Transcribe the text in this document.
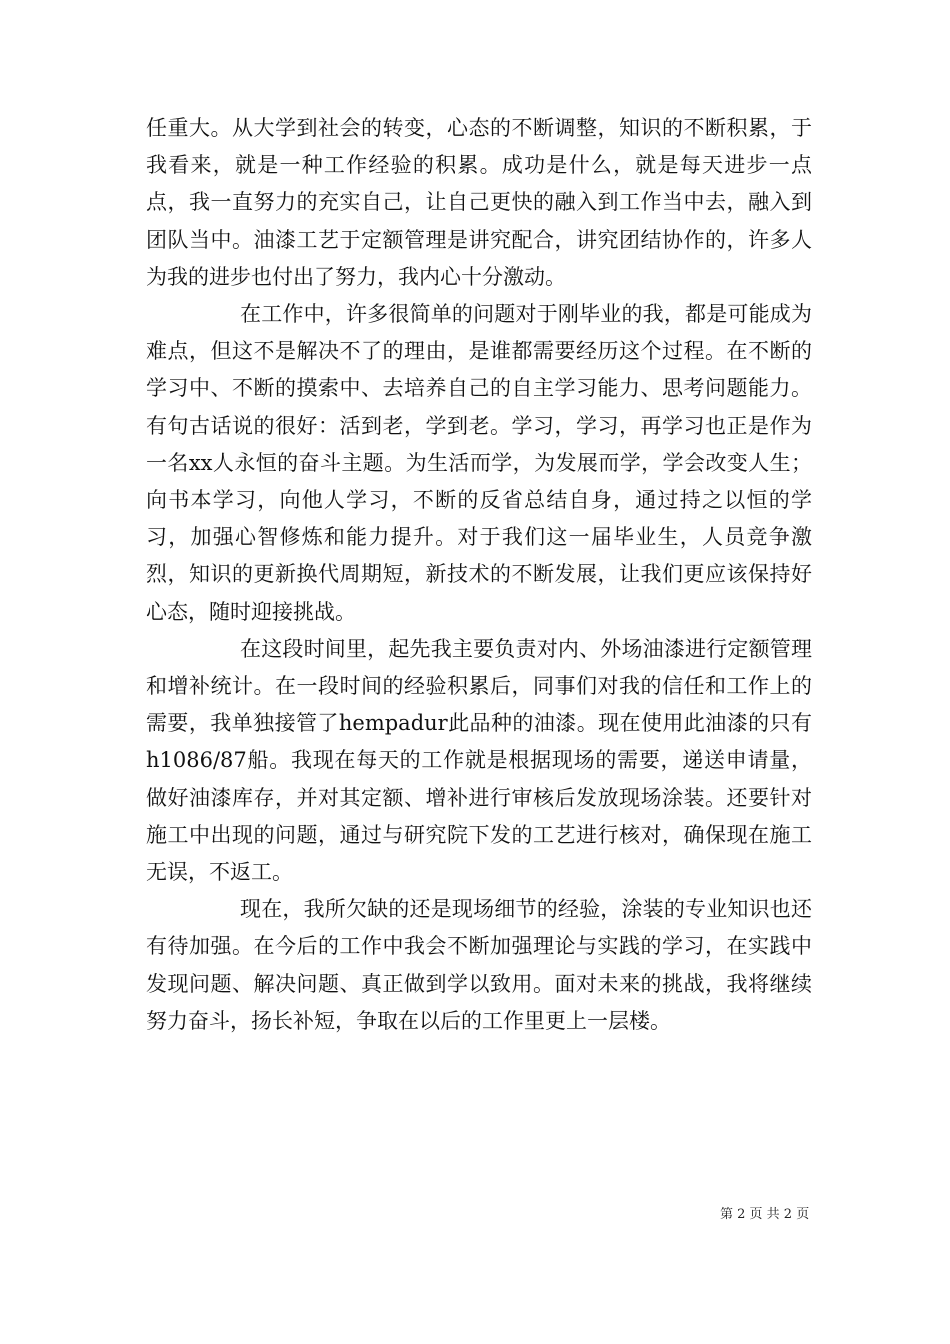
任重大。从大学到社会的转变，心态的不断调整，知识的不断积累，于我看来，就是一种工作经验的积累。成功是什么，就是每天进步一点点，我一直努力的充实自己，让自己更快的融入到工作当中去，融入到团队当中。油漆工艺于定额管理是讲究配合，讲究团结协作的，许多人为我的进步也付出了努力，我内心十分激动。

在工作中，许多很简单的问题对于刚毕业的我，都是可能成为难点，但这不是解决不了的理由，是谁都需要经历这个过程。在不断的学习中、不断的摸索中、去培养自己的自主学习能力、思考问题能力。有句古话说的很好：活到老，学到老。学习，学习，再学习也正是作为一名xx人永恒的奋斗主题。为生活而学，为发展而学，学会改变人生；向书本学习，向他人学习，不断的反省总结自身，通过持之以恒的学习，加强心智修炼和能力提升。对于我们这一届毕业生，人员竞争激烈，知识的更新换代周期短，新技术的不断发展，让我们更应该保持好心态，随时迎接挑战。

在这段时间里，起先我主要负责对内、外场油漆进行定额管理和增补统计。在一段时间的经验积累后，同事们对我的信任和工作上的需要，我单独接管了hempadur此品种的油漆。现在使用此油漆的只有h1086/87船。我现在每天的工作就是根据现场的需要，递送申请量，做好油漆库存，并对其定额、增补进行审核后发放现场涂装。还要针对施工中出现的问题，通过与研究院下发的工艺进行核对，确保现在施工无误，不返工。

现在，我所欠缺的还是现场细节的经验，涂装的专业知识也还有待加强。在今后的工作中我会不断加强理论与实践的学习，在实践中发现问题、解决问题、真正做到学以致用。面对未来的挑战，我将继续努力奋斗，扬长补短，争取在以后的工作里更上一层楼。

第 2 页 共 2 页
